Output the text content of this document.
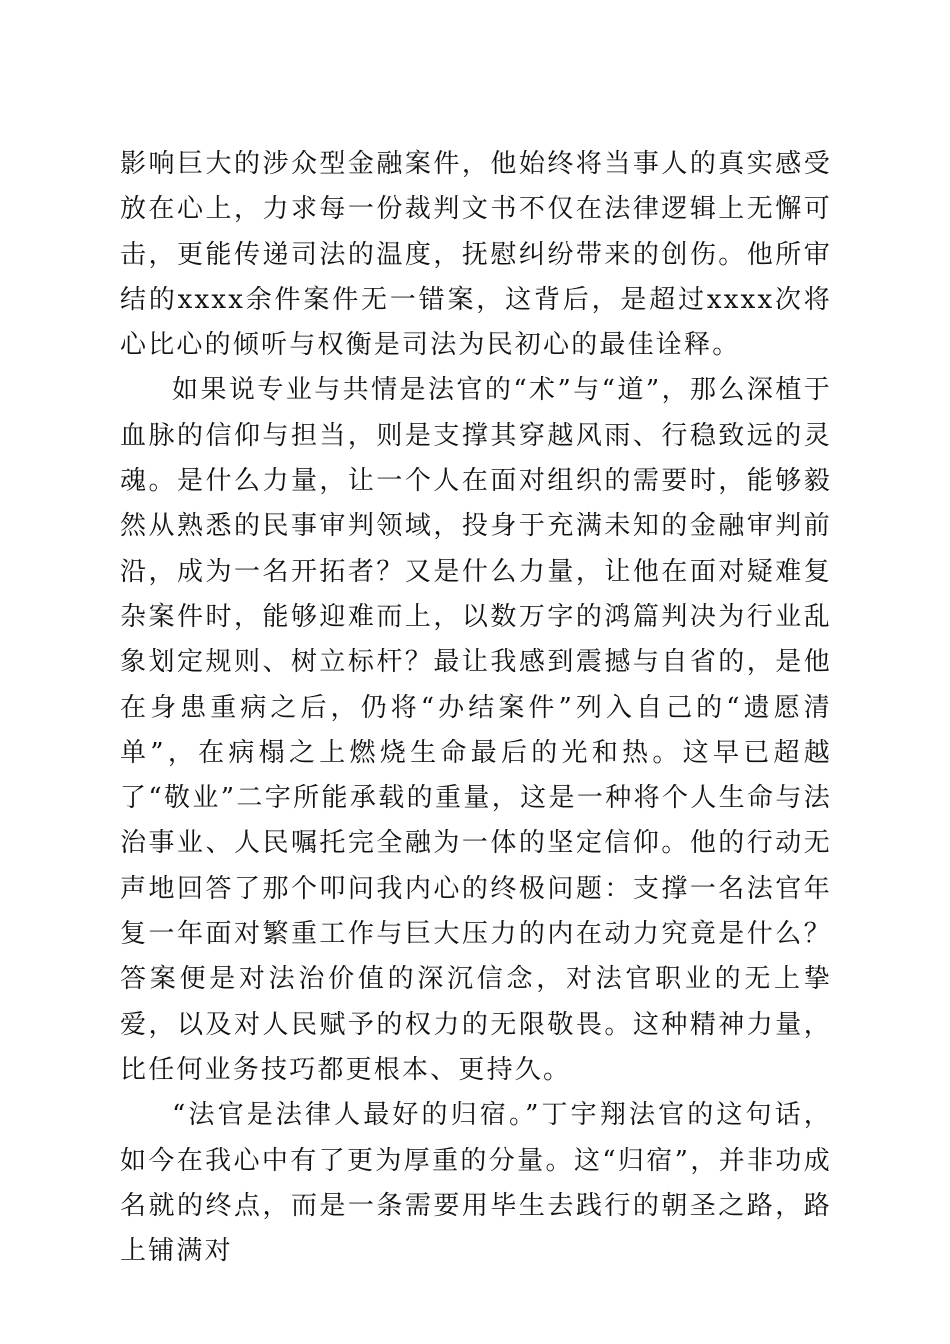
影响巨大的涉众型金融案件，他始终将当事人的真实感受放在心上，力求每一份裁判文书不仅在法律逻辑上无懈可击，更能传递司法的温度，抚慰纠纷带来的创伤。他所审结的xxxx余件案件无一错案，这背后，是超过xxxx次将心比心的倾听与权衡是司法为民初心的最佳诠释。

如果说专业与共情是法官的“术”与“道”，那么深植于血脉的信仰与担当，则是支撑其穿越风雨、行稳致远的灵魂。是什么力量，让一个人在面对组织的需要时，能够毅然从熟悉的民事审判领域，投身于充满未知的金融审判前沿，成为一名开拓者？又是什么力量，让他在面对疑难复杂案件时，能够迎难而上，以数万字的鸿篇判决为行业乱象划定规则、树立标杆？最让我感到震撼与自省的，是他在身患重病之后，仍将“办结案件”列入自己的“遗愿清单”，在病榻之上燃烧生命最后的光和热。这早已超越了“敬业”二字所能承载的重量，这是一种将个人生命与法治事业、人民嘱托完全融为一体的坚定信仰。他的行动无声地回答了那个叩问我内心的终极问题：支撑一名法官年复一年面对繁重工作与巨大压力的内在动力究竟是什么？答案便是对法治价值的深沉信念，对法官职业的无上挚爱，以及对人民赋予的权力的无限敬畏。这种精神力量，比任何业务技巧都更根本、更持久。

“法官是法律人最好的归宿。”丁宇翔法官的这句话，如今在我心中有了更为厚重的分量。这“归宿”，并非功成名就的终点，而是一条需要用毕生去践行的朝圣之路，路上铺满对
